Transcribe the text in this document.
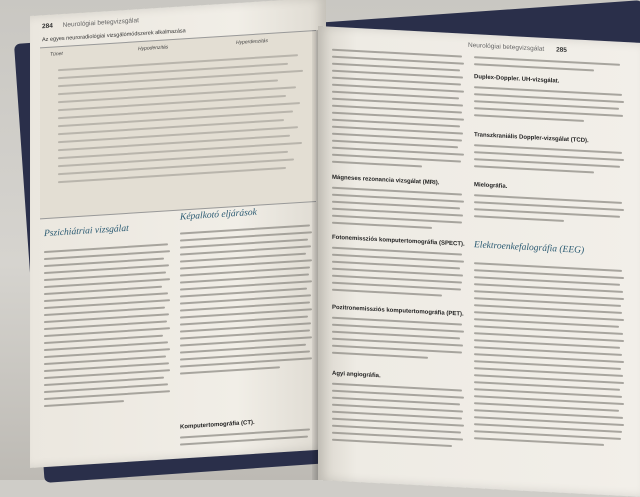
284 Neurológiai betegvizsgálat
Az egyes neuroradiológiai vizsgálómódszerek alkalmazása
Tünet
Hypodenzitás
Hyperdenzitás
Pszichiátriai vizsgálat
Képalkotó eljárások
Komputertomográfia (CT).
Neurológiai betegvizsgálat 285
Mágneses rezonancia vizsgálat (MRI).
Fotonemissziós komputertomográfia (SPECT).
Pozitronemissziós komputertomográfia (PET).
Agyi angiográfia.
Duplex-Doppler. UH-vizsgálat.
Transzkraniális Doppler-vizsgálat (TCD).
Mielográfia.
Elektroenkefalográfia (EEG)
